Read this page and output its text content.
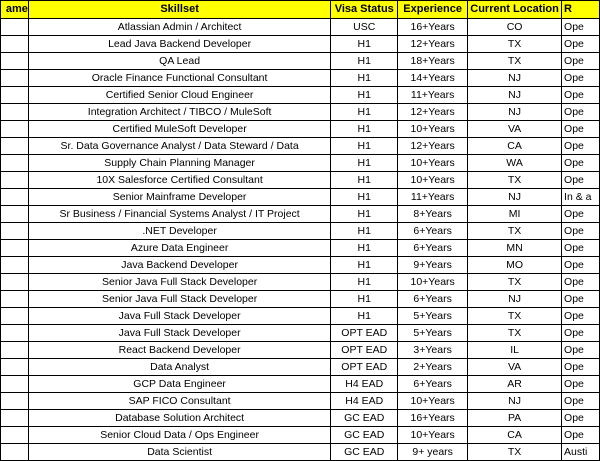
ame	Skillset	Visa Status	Experience	Current Location	R
	Atlassian Admin / Architect	USC	16+Years	CO	Ope
	Lead Java Backend Developer	H1	12+Years	TX	Ope
	QA Lead	H1	18+Years	TX	Ope
	Oracle Finance Functional Consultant	H1	14+Years	NJ	Ope
	Certified Senior Cloud Engineer	H1	11+Years	NJ	Ope
	Integration Architect / TIBCO / MuleSoft	H1	12+Years	NJ	Ope
	Certified MuleSoft Developer	H1	10+Years	VA	Ope
	Sr. Data Governance Analyst / Data Steward / Data	H1	12+Years	CA	Ope
	Supply Chain Planning Manager	H1	10+Years	WA	Ope
	10X Salesforce Certified Consultant	H1	10+Years	TX	Ope
	Senior Mainframe Developer	H1	11+Years	NJ	In & a
	Sr Business / Financial Systems Analyst / IT Project	H1	8+Years	MI	Ope
	.NET Developer	H1	6+Years	TX	Ope
	Azure Data Engineer	H1	6+Years	MN	Ope
	Java Backend Developer	H1	9+Years	MO	Ope
	Senior Java Full Stack Developer	H1	10+Years	TX	Ope
	Senior Java Full Stack Developer	H1	6+Years	NJ	Ope
	Java Full Stack Developer	H1	5+Years	TX	Ope
	Java Full Stack Developer	OPT EAD	5+Years	TX	Ope
	React Backend Developer	OPT EAD	3+Years	IL	Ope
	Data Analyst	OPT EAD	2+Years	VA	Ope
	GCP Data Engineer	H4 EAD	6+Years	AR	Ope
	SAP FICO Consultant	H4 EAD	10+Years	NJ	Ope
	Database Solution Architect	GC EAD	16+Years	PA	Ope
	Senior Cloud Data / Ops Engineer	GC EAD	10+Years	CA	Ope
	Data Scientist	GC EAD	9+ years	TX	Austi
